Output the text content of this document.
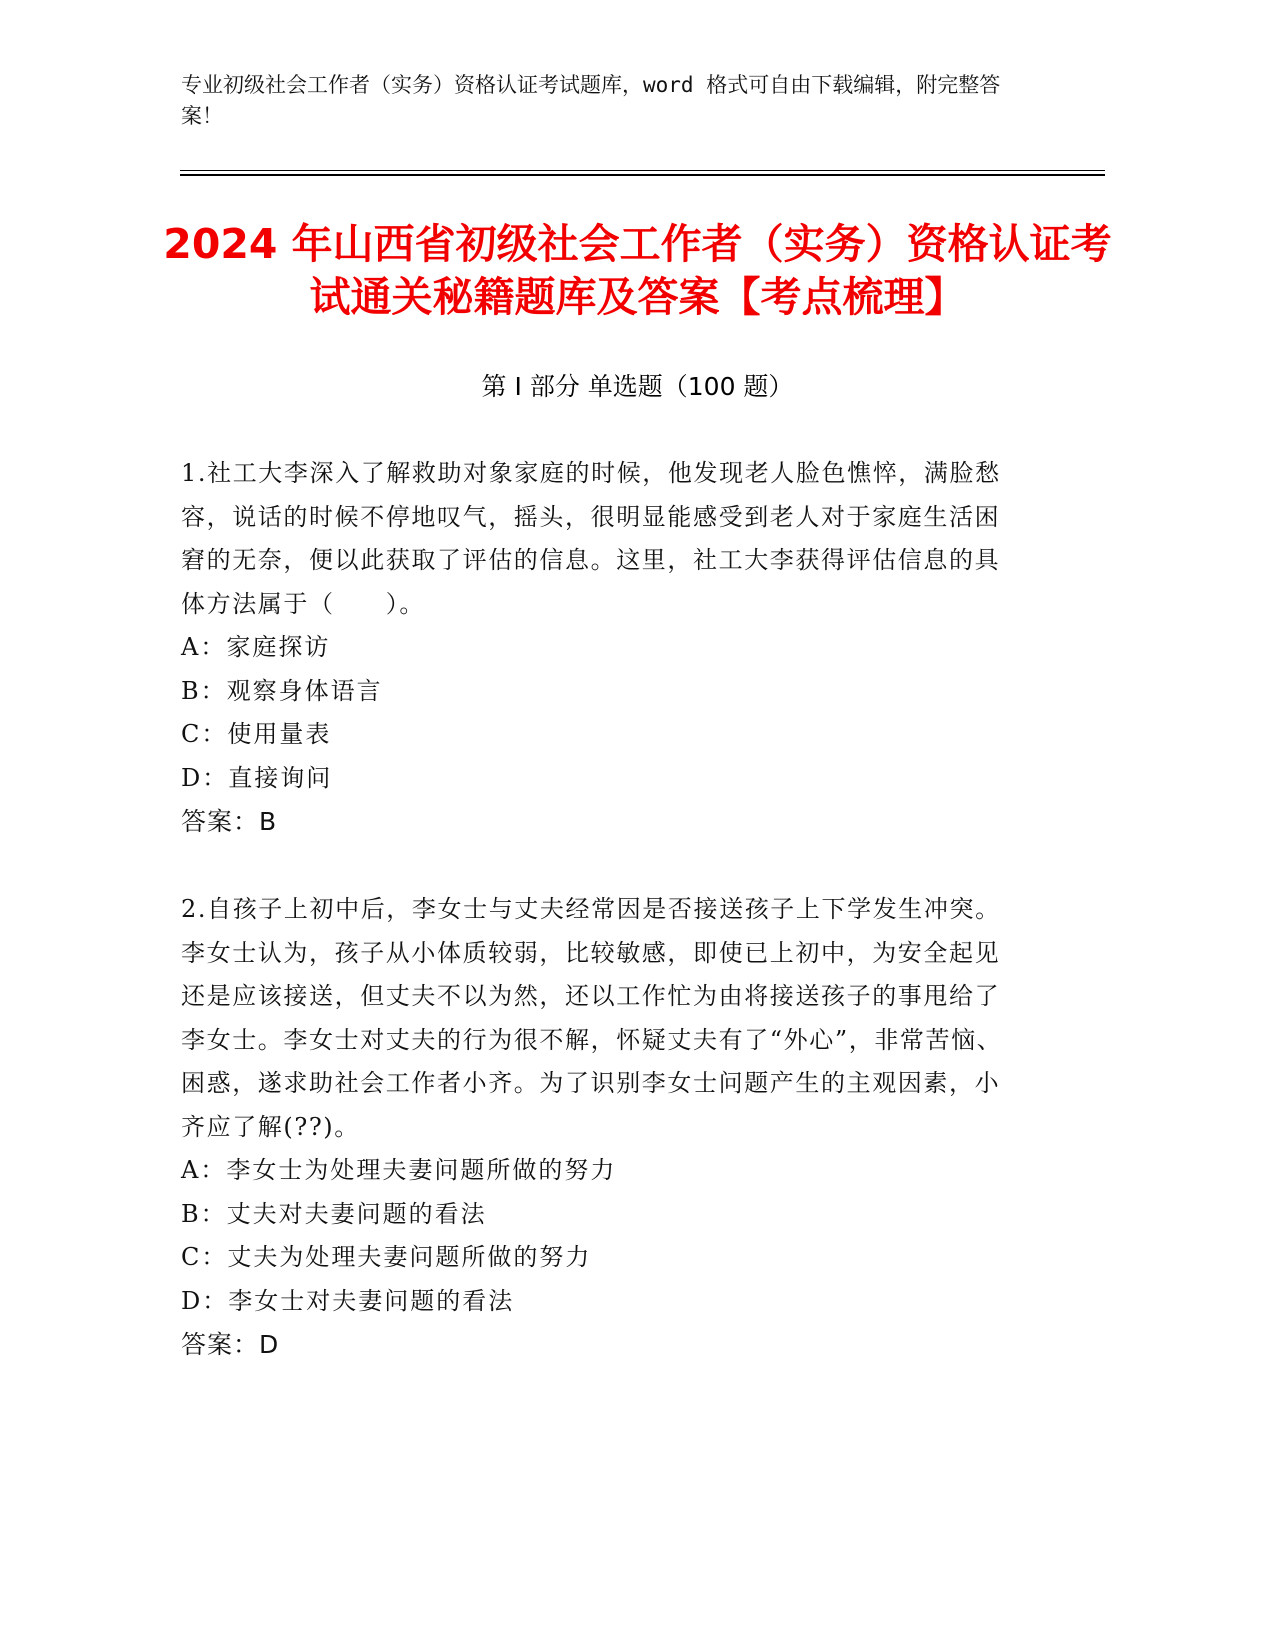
专业初级社会工作者（实务）资格认证考试题库，word 格式可自由下载编辑，附完整答案！
2024 年山西省初级社会工作者（实务）资格认证考试通关秘籍题库及答案【考点梳理】
第 I 部分 单选题（100 题）
1.社工大李深入了解救助对象家庭的时候，他发现老人脸色憔悴，满脸愁容，说话的时候不停地叹气，摇头，很明显能感受到老人对于家庭生活困窘的无奈，便以此获取了评估的信息。这里，社工大李获得评估信息的具体方法属于（　　）。
A：家庭探访
B：观察身体语言
C：使用量表
D：直接询问
答案：B
2.自孩子上初中后，李女士与丈夫经常因是否接送孩子上下学发生冲突。李女士认为，孩子从小体质较弱，比较敏感，即使已上初中，为安全起见还是应该接送，但丈夫不以为然，还以工作忙为由将接送孩子的事甩给了李女士。李女士对丈夫的行为很不解，怀疑丈夫有了“外心”，非常苦恼、困惑，遂求助社会工作者小齐。为了识别李女士问题产生的主观因素，小齐应了解(??)。
A：李女士为处理夫妻问题所做的努力
B：丈夫对夫妻问题的看法
C：丈夫为处理夫妻问题所做的努力
D：李女士对夫妻问题的看法
答案：D
